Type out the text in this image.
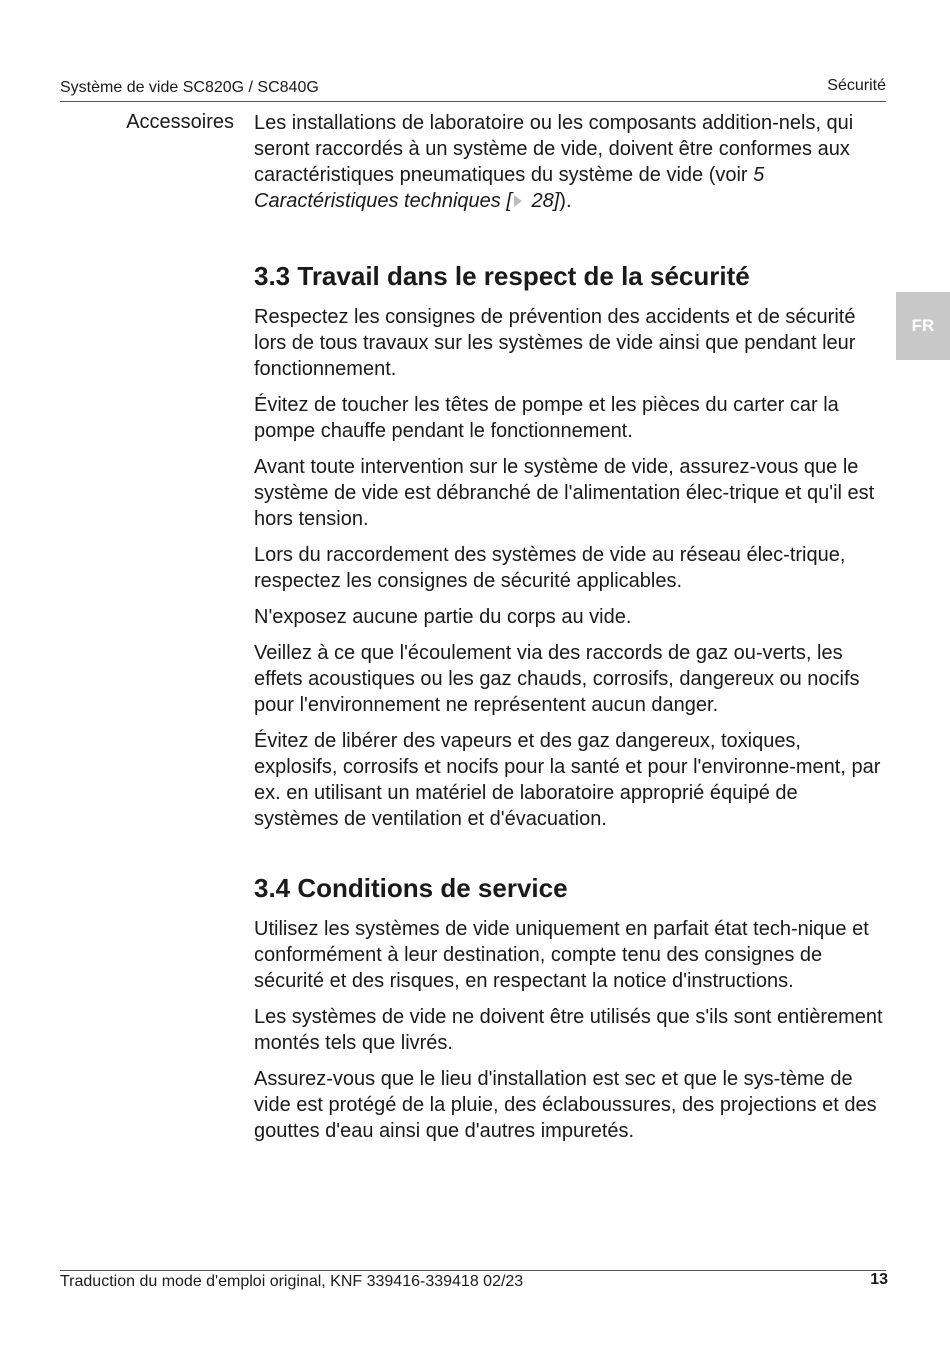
Système de vide SC820G / SC840G	Sécurité
FR
Accessoires Les installations de laboratoire ou les composants addition-nels, qui seront raccordés à un système de vide, doivent être conformes aux caractéristiques pneumatiques du système de vide (voir 5 Caractéristiques techniques [ 28]).

3.3 Travail dans le respect de la sécurité

Respectez les consignes de prévention des accidents et de sécurité lors de tous travaux sur les systèmes de vide ainsi que pendant leur fonctionnement.

Évitez de toucher les têtes de pompe et les pièces du carter car la pompe chauffe pendant le fonctionnement.

Avant toute intervention sur le système de vide, assurez-vous que le système de vide est débranché de l'alimentation élec-trique et qu'il est hors tension.

Lors du raccordement des systèmes de vide au réseau élec-trique, respectez les consignes de sécurité applicables.

N'exposez aucune partie du corps au vide.

Veillez à ce que l'écoulement via des raccords de gaz ou-verts, les effets acoustiques ou les gaz chauds, corrosifs, dangereux ou nocifs pour l'environnement ne représentent aucun danger.

Évitez de libérer des vapeurs et des gaz dangereux, toxiques, explosifs, corrosifs et nocifs pour la santé et pour l'environne-ment, par ex. en utilisant un matériel de laboratoire approprié équipé de systèmes de ventilation et d'évacuation.

3.4 Conditions de service

Utilisez les systèmes de vide uniquement en parfait état tech-nique et conformément à leur destination, compte tenu des consignes de sécurité et des risques, en respectant la notice d'instructions.

Les systèmes de vide ne doivent être utilisés que s'ils sont entièrement montés tels que livrés.

Assurez-vous que le lieu d'installation est sec et que le sys-tème de vide est protégé de la pluie, des éclaboussures, des projections et des gouttes d'eau ainsi que d'autres impuretés.

Traduction du mode d'emploi original, KNF 339416-339418 02/23	13
